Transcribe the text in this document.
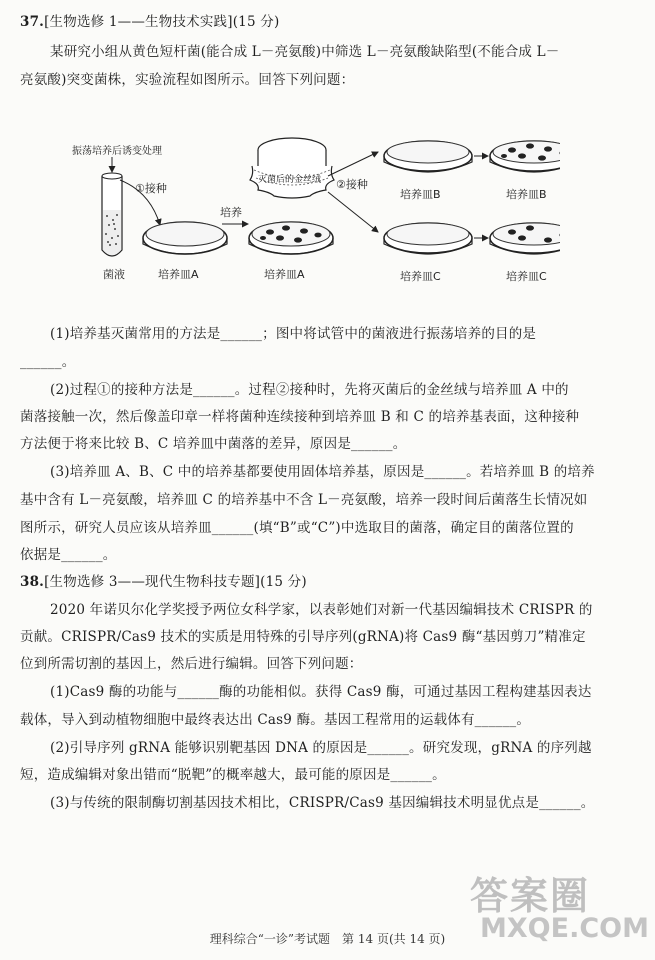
37.[生物选修 1——生物技术实践](15 分)
某研究小组从黄色短杆菌(能合成 L－亮氨酸)中筛选 L－亮氨酸缺陷型(不能合成 L－
亮氨酸)突变菌株，实验流程如图所示。回答下列问题：
振荡培养后诱变处理
菌液
①接种
培养皿A
培养
培养皿A
灭菌后的金丝绒 ②接种
培养皿B	培养皿B
培养皿C	培养皿C
(1)培养基灭菌常用的方法是______；图中将试管中的菌液进行振荡培养的目的是
______。
(2)过程①的接种方法是______。过程②接种时，先将灭菌后的金丝绒与培养皿 A 中的
菌落接触一次，然后像盖印章一样将菌种连续接种到培养皿 B 和 C 的培养基表面，这种接种
方法便于将来比较 B、C 培养皿中菌落的差异，原因是______。
(3)培养皿 A、B、C 中的培养基都要使用固体培养基，原因是______。若培养皿 B 的培养
基中含有 L－亮氨酸，培养皿 C 的培养基中不含 L－亮氨酸，培养一段时间后菌落生长情况如
图所示，研究人员应该从培养皿______(填“B”或“C”)中选取目的菌落，确定目的菌落位置的
依据是______。
38.[生物选修 3——现代生物科技专题](15 分)
2020 年诺贝尔化学奖授予两位女科学家，以表彰她们对新一代基因编辑技术 CRISPR 的
贡献。CRISPR/Cas9 技术的实质是用特殊的引导序列(gRNA)将 Cas9 酶“基因剪刀”精准定
位到所需切割的基因上，然后进行编辑。回答下列问题：
(1)Cas9 酶的功能与______酶的功能相似。获得 Cas9 酶，可通过基因工程构建基因表达
载体，导入到动植物细胞中最终表达出 Cas9 酶。基因工程常用的运载体有______。
(2)引导序列 gRNA 能够识别靶基因 DNA 的原因是______。研究发现，gRNA 的序列越
短，造成编辑对象出错而“脱靶”的概率越大，最可能的原因是______。
(3)与传统的限制酶切割基因技术相比，CRISPR/Cas9 基因编辑技术明显优点是______。
答案圈
MXQE.COM
理科综合“一诊”考试题　第 14 页(共 14 页)
